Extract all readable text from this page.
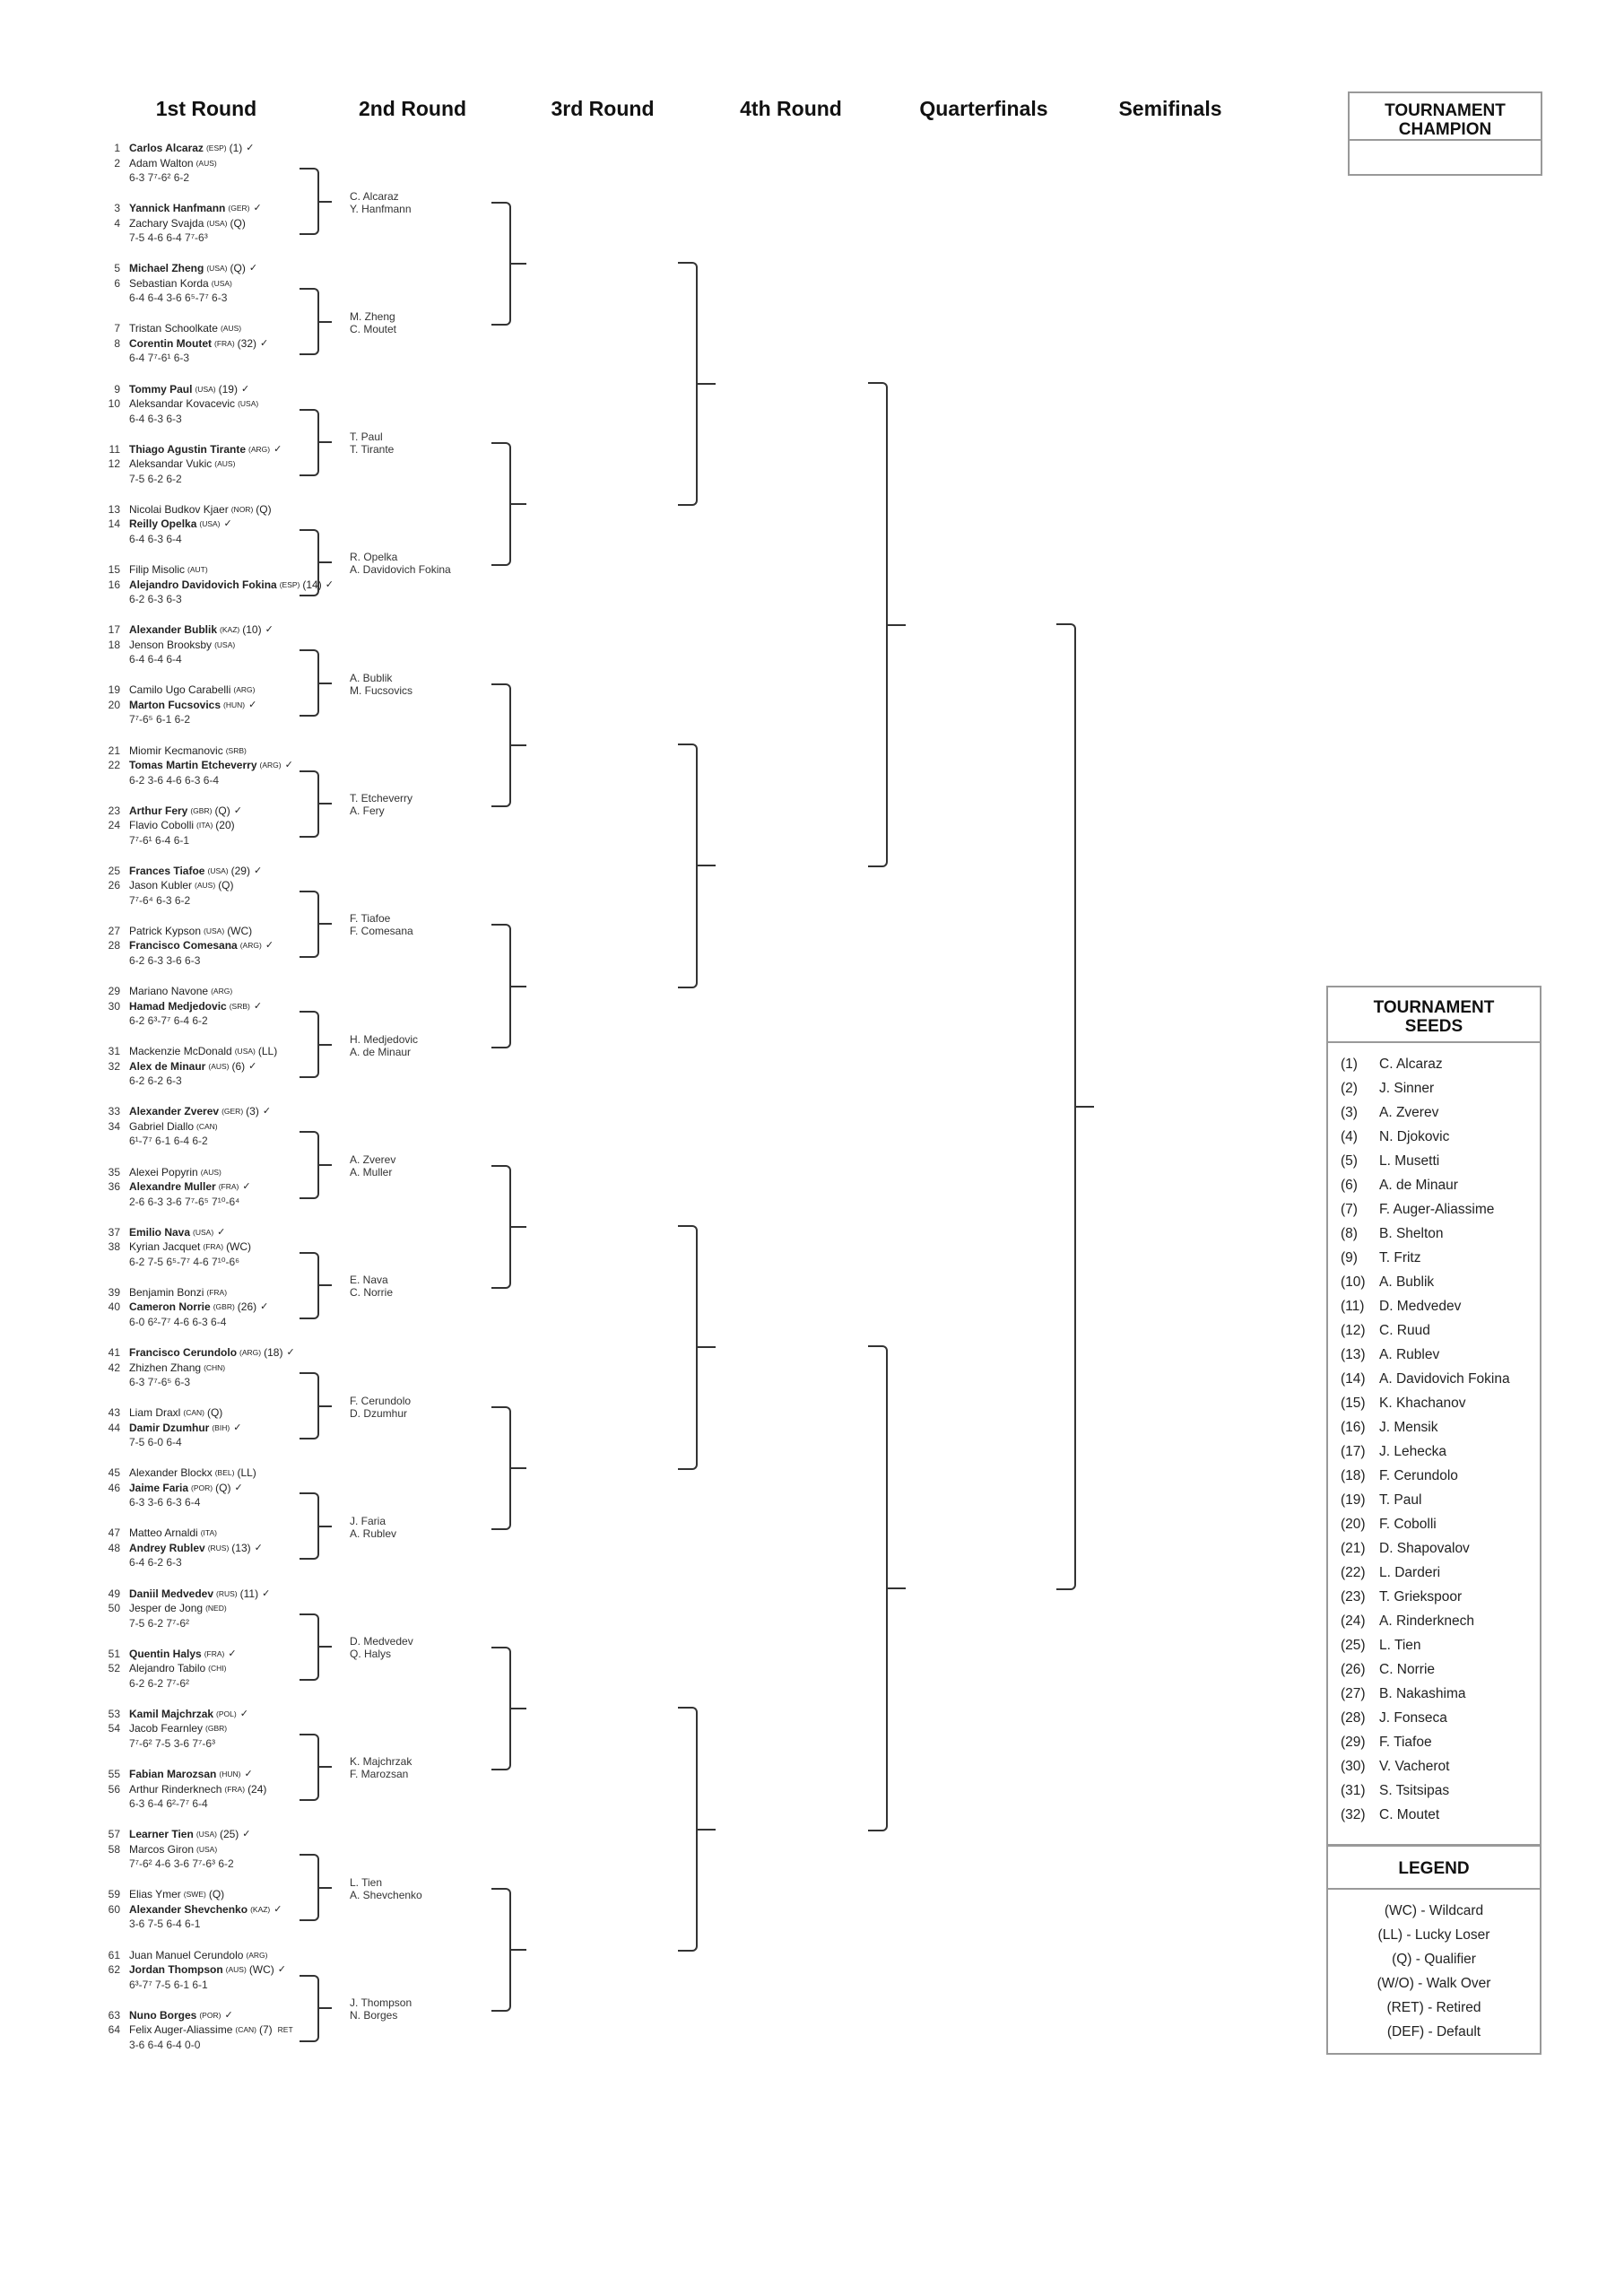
1st Round	2nd Round	3rd Round	4th Round	Quarterfinals	Semifinals	TOURNAMENT CHAMPION
1 Carlos Alcaraz (ESP) (1) ✓
2 Adam Walton (AUS)
6-3 7⁷-6² 6-2
3 Yannick Hanfmann (GER) ✓
4 Zachary Svajda (USA) (Q)
7-5 4-6 6-4 7⁷-6³
5 Michael Zheng (USA) (Q) ✓
6 Sebastian Korda (USA)
6-4 6-4 3-6 6⁵-7⁷ 6-3
7 Tristan Schoolkate (AUS)
8 Corentin Moutet (FRA) (32) ✓
6-4 7⁷-6¹ 6-3
9 Tommy Paul (USA) (19) ✓
10 Aleksandar Kovacevic (USA)
6-4 6-3 6-3
11 Thiago Agustin Tirante (ARG) ✓
12 Aleksandar Vukic (AUS)
7-5 6-2 6-2
13 Nicolai Budkov Kjaer (NOR) (Q)
14 Reilly Opelka (USA) ✓
6-4 6-3 6-4
15 Filip Misolic (AUT)
16 Alejandro Davidovich Fokina (ESP) (14) ✓
6-2 6-3 6-3
17 Alexander Bublik (KAZ) (10) ✓
18 Jenson Brooksby (USA)
6-4 6-4 6-4
19 Camilo Ugo Carabelli (ARG)
20 Marton Fucsovics (HUN) ✓
7⁷-6⁵ 6-1 6-2
21 Miomir Kecmanovic (SRB)
22 Tomas Martin Etcheverry (ARG) ✓
6-2 3-6 4-6 6-3 6-4
23 Arthur Fery (GBR) (Q) ✓
24 Flavio Cobolli (ITA) (20)
7⁷-6¹ 6-4 6-1
25 Frances Tiafoe (USA) (29) ✓
26 Jason Kubler (AUS) (Q)
7⁷-6⁴ 6-3 6-2
27 Patrick Kypson (USA) (WC)
28 Francisco Comesana (ARG) ✓
6-2 6-3 3-6 6-3
29 Mariano Navone (ARG)
30 Hamad Medjedovic (SRB) ✓
6-2 6³-7⁷ 6-4 6-2
31 Mackenzie McDonald (USA) (LL)
32 Alex de Minaur (AUS) (6) ✓
6-2 6-2 6-3
33 Alexander Zverev (GER) (3) ✓
34 Gabriel Diallo (CAN)
6¹-7⁷ 6-1 6-4 6-2
35 Alexei Popyrin (AUS)
36 Alexandre Muller (FRA) ✓
2-6 6-3 3-6 7⁷-6⁵ 7¹⁰-6⁴
37 Emilio Nava (USA) ✓
38 Kyrian Jacquet (FRA) (WC)
6-2 7-5 6⁵-7⁷ 4-6 7¹⁰-6⁶
39 Benjamin Bonzi (FRA)
40 Cameron Norrie (GBR) (26) ✓
6-0 6²-7⁷ 4-6 6-3 6-4
41 Francisco Cerundolo (ARG) (18) ✓
42 Zhizhen Zhang (CHN)
6-3 7⁷-6⁵ 6-3
43 Liam Draxl (CAN) (Q)
44 Damir Dzumhur (BIH) ✓
7-5 6-0 6-4
45 Alexander Blockx (BEL) (LL)
46 Jaime Faria (POR) (Q) ✓
6-3 3-6 6-3 6-4
47 Matteo Arnaldi (ITA)
48 Andrey Rublev (RUS) (13) ✓
6-4 6-2 6-3
49 Daniil Medvedev (RUS) (11) ✓
50 Jesper de Jong (NED)
7-5 6-2 7⁷-6²
51 Quentin Halys (FRA) ✓
52 Alejandro Tabilo (CHI)
6-2 6-2 7⁷-6²
53 Kamil Majchrzak (POL) ✓
54 Jacob Fearnley (GBR)
7⁷-6² 7-5 3-6 7⁷-6³
55 Fabian Marozsan (HUN) ✓
56 Arthur Rinderknech (FRA) (24)
6-3 6-4 6²-7⁷ 6-4
57 Learner Tien (USA) (25) ✓
58 Marcos Giron (USA)
7⁷-6² 4-6 3-6 7⁷-6³ 6-2
59 Elias Ymer (SWE) (Q)
60 Alexander Shevchenko (KAZ) ✓
3-6 7-5 6-4 6-1
61 Juan Manuel Cerundolo (ARG)
62 Jordan Thompson (AUS) (WC) ✓
6³-7⁷ 7-5 6-1 6-1
63 Nuno Borges (POR) ✓
64 Felix Auger-Aliassime (CAN) (7) RET
3-6 6-4 6-4 0-0
C. Alcaraz
Y. Hanfmann
M. Zheng
C. Moutet
T. Paul
T. Tirante
R. Opelka
A. Davidovich Fokina
A. Bublik
M. Fucsovics
T. Etcheverry
A. Fery
F. Tiafoe
F. Comesana
H. Medjedovic
A. de Minaur
A. Zverev
A. Muller
E. Nava
C. Norrie
F. Cerundolo
D. Dzumhur
J. Faria
A. Rublev
D. Medvedev
Q. Halys
K. Majchrzak
F. Marozsan
L. Tien
A. Shevchenko
J. Thompson
N. Borges
TOURNAMENT SEEDS
(1)	C. Alcaraz
(2)	J. Sinner
(3)	A. Zverev
(4)	N. Djokovic
(5)	L. Musetti
(6)	A. de Minaur
(7)	F. Auger-Aliassime
(8)	B. Shelton
(9)	T. Fritz
(10) A. Bublik
(11)	D. Medvedev
(12) C. Ruud
(13) A. Rublev
(14) A. Davidovich Fokina
(15) K. Khachanov
(16) J. Mensik
(17) J. Lehecka
(18) F. Cerundolo
(19) T. Paul
(20) F. Cobolli
(21) D. Shapovalov
(22) L. Darderi
(23) T. Griekspoor
(24) A. Rinderknech
(25) L. Tien
(26) C. Norrie
(27) B. Nakashima
(28) J. Fonseca
(29) F. Tiafoe
(30) V. Vacherot
(31) S. Tsitsipas
(32) C. Moutet
LEGEND
(WC) - Wildcard
(LL) - Lucky Loser
(Q) - Qualifier
(W/O) - Walk Over
(RET) - Retired
(DEF) - Default
